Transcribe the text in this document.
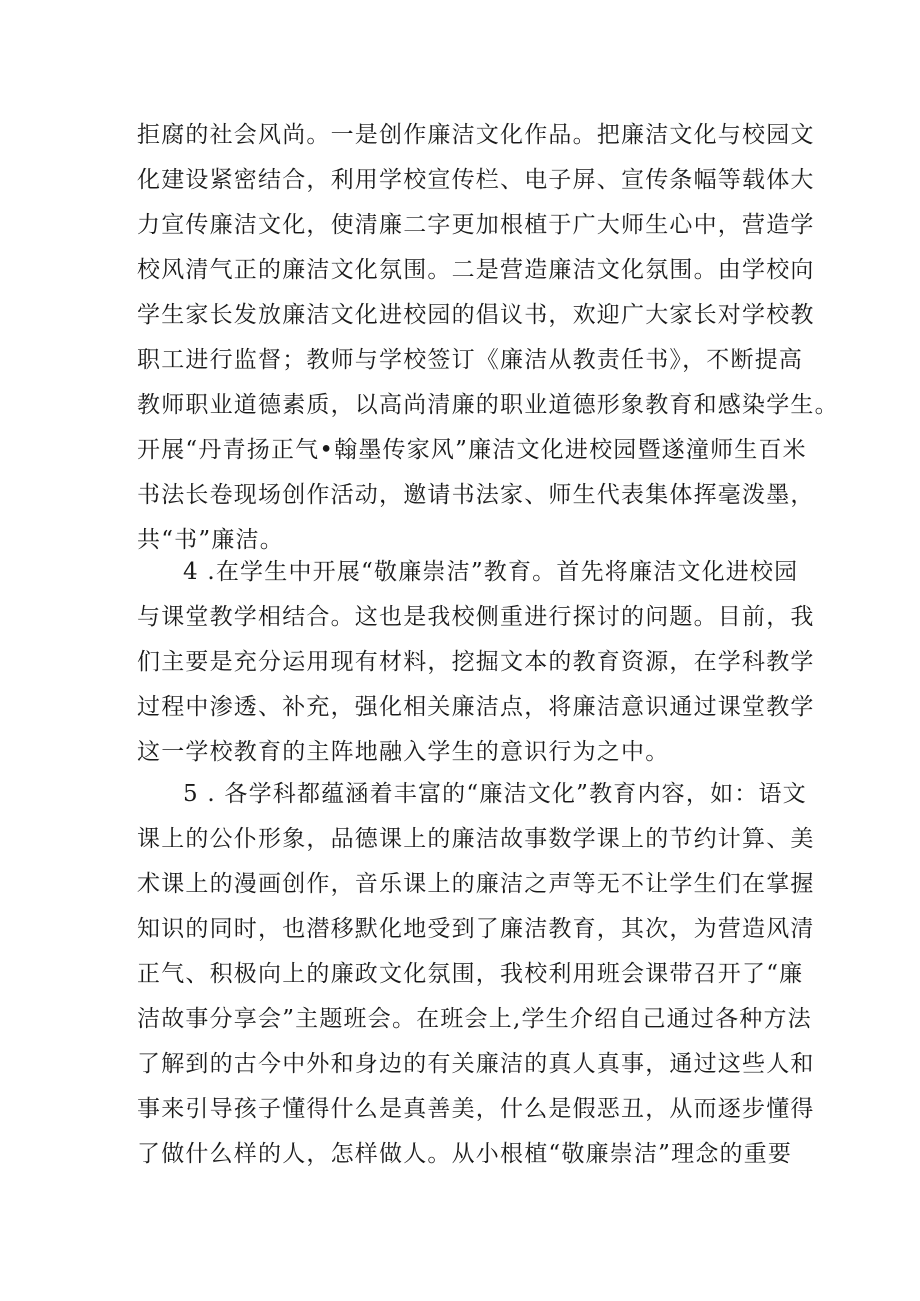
拒腐的社会风尚。一是创作廉洁文化作品。把廉洁文化与校园文
化建设紧密结合，利用学校宣传栏、电子屏、宣传条幅等载体大
力宣传廉洁文化，使清廉二字更加根植于广大师生心中，营造学
校风清气正的廉洁文化氛围。二是营造廉洁文化氛围。由学校向
学生家长发放廉洁文化进校园的倡议书，欢迎广大家长对学校教
职工进行监督；教师与学校签订《廉洁从教责任书》，不断提高
教师职业道德素质，以高尚清廉的职业道德形象教育和感染学生。
开展“丹青扬正气•翰墨传家风”廉洁文化进校园暨遂潼师生百米
书法长卷现场创作活动，邀请书法家、师生代表集体挥毫泼墨，
共“书”廉洁。
4 .在学生中开展“敬廉崇洁”教育。首先将廉洁文化进校园
与课堂教学相结合。这也是我校侧重进行探讨的问题。目前，我
们主要是充分运用现有材料，挖掘文本的教育资源，在学科教学
过程中渗透、补充，强化相关廉洁点，将廉洁意识通过课堂教学
这一学校教育的主阵地融入学生的意识行为之中。
5 . 各学科都蕴涵着丰富的“廉洁文化”教育内容，如：语文
课上的公仆形象，品德课上的廉洁故事数学课上的节约计算、美
术课上的漫画创作，音乐课上的廉洁之声等无不让学生们在掌握
知识的同时，也潜移默化地受到了廉洁教育，其次，为营造风清
正气、积极向上的廉政文化氛围，我校利用班会课带召开了“廉
洁故事分享会”主题班会。在班会上,学生介绍自己通过各种方法
了解到的古今中外和身边的有关廉洁的真人真事，通过这些人和
事来引导孩子懂得什么是真善美，什么是假恶丑，从而逐步懂得
了做什么样的人，怎样做人。从小根植“敬廉崇洁”理念的重要
